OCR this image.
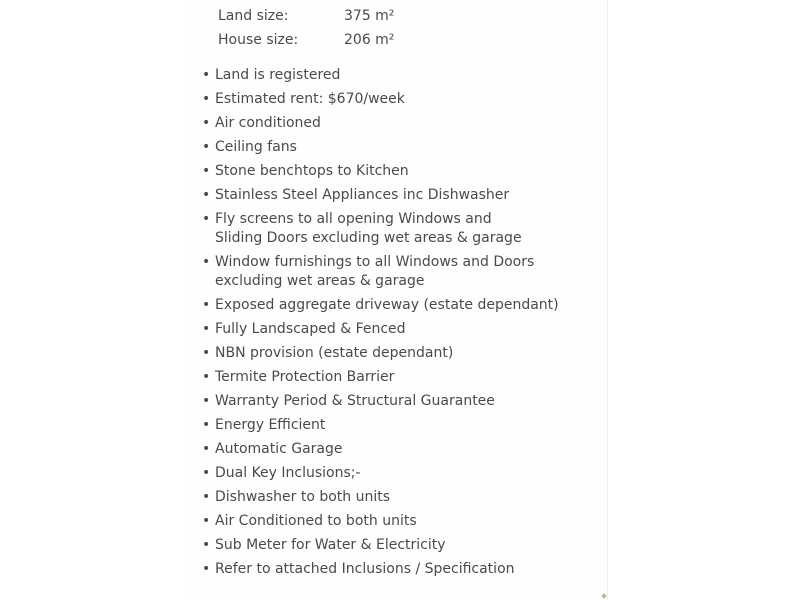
Land size:	375 m²
House size:	206 m²
• Land is registered
• Estimated rent: $670/week
• Air conditioned
• Ceiling fans
• Stone benchtops to Kitchen
• Stainless Steel Appliances inc Dishwasher
• Fly screens to all opening Windows and
Sliding Doors excluding wet areas & garage
• Window furnishings to all Windows and Doors
excluding wet areas & garage
• Exposed aggregate driveway (estate dependant)
• Fully Landscaped & Fenced
• NBN provision (estate dependant)
• Termite Protection Barrier
• Warranty Period & Structural Guarantee
• Energy Efficient
• Automatic Garage
• Dual Key Inclusions;-
• Dishwasher to both units
• Air Conditioned to both units
• Sub Meter for Water & Electricity
• Refer to attached Inclusions / Specification
